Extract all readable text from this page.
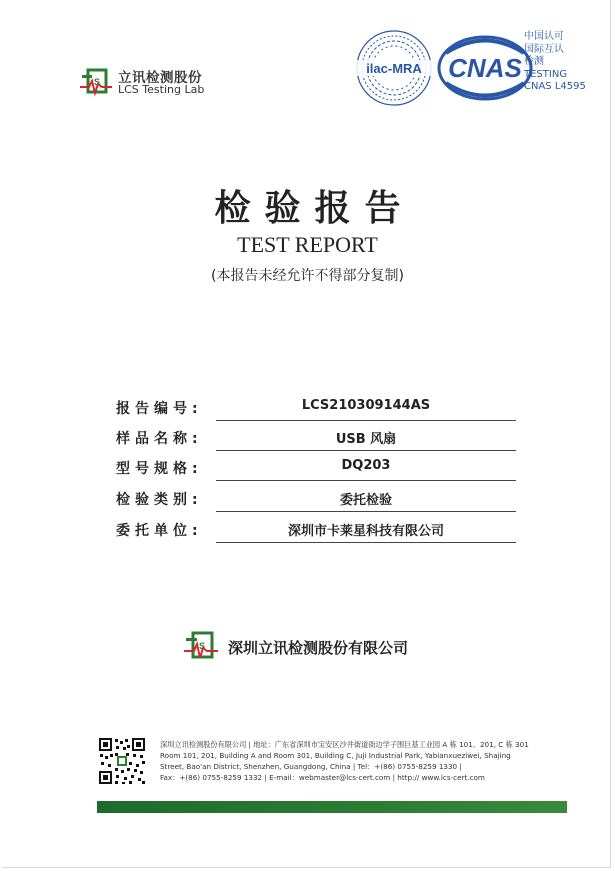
S 立讯检测股份
LCS Testing Lab
ilac-MRA CNAS
中国认可
国际互认
检测
TESTING
CNAS L4595
检验报告
TEST REPORT
(本报告未经允许不得部分复制)
报告编号:	LCS210309144AS
样品名称:	USB 风扇
型号规格:	DQ203
检验类别:	委托检验
委托单位:	深圳市卡莱星科技有限公司
S 深圳立讯检测股份有限公司
深圳立讯检测股份有限公司 | 地址：广东省深圳市宝安区沙井街道衙边学子围巨基工业园 A 栋 101、201, C 栋 301
Room 101, 201, Building A and Room 301, Building C, Juji Industrial Park, Yabianxueziwei, Shajing
Street, Bao'an District, Shenzhen, Guangdong, China | Tel：+(86) 0755-8259 1330 |
Fax：+(86) 0755-8259 1332 | E-mail：webmaster@lcs-cert.com | http:// www.lcs-cert.com
